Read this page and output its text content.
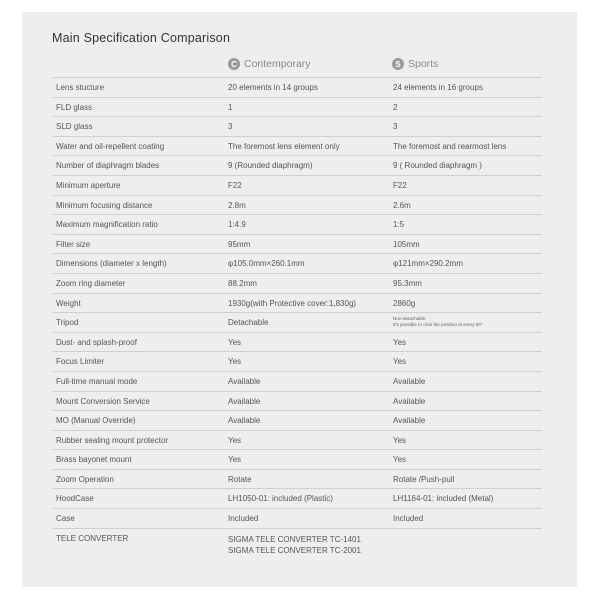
Main Specification Comparison
C Contemporary	S Sports
Lens stucture	20 elements in 14 groups	24 elements in 16 groups
FLD glass	1	2
SLD glass	3	3
Water and oil-repellent coating	The foremost lens element only	The foremost and rearmost lens
Number of diaphragm blades	9 (Rounded diaphragm)	9 ( Rounded diaphragm )
Minimum aperture	F22	F22
Minimum focusing distance	2.8m	2.6m
Maximum magnification ratio	1:4.9	1:5
Filter size	95mm	105mm
Dimensions (diameter x length)	φ105.0mm×260.1mm	φ121mm×290.2mm
Zoom ring diameter	88.2mm	95.3mm
Weight	1930g(with Protective cover:1,830g)	2860g
Tripod	Detachable	Non-detachable.
It's possible to click the position at every 90°
Dust- and splash-proof	Yes	Yes
Focus Limiter	Yes	Yes
Full-time manual mode	Available	Available
Mount Conversion Service	Available	Available
MO (Manual Override)	Available	Available
Rubber sealing mount protector	Yes	Yes
Brass bayonet mount	Yes	Yes
Zoom Operation	Rotate	Rotate /Push-pull
HoodCase	LH1050-01: included (Plastic)	LH1164-01: included (Metal)
Case	Included	Included
TELE CONVERTER	SIGMA TELE CONVERTER TC-1401
SIGMA TELE CONVERTER TC-2001
